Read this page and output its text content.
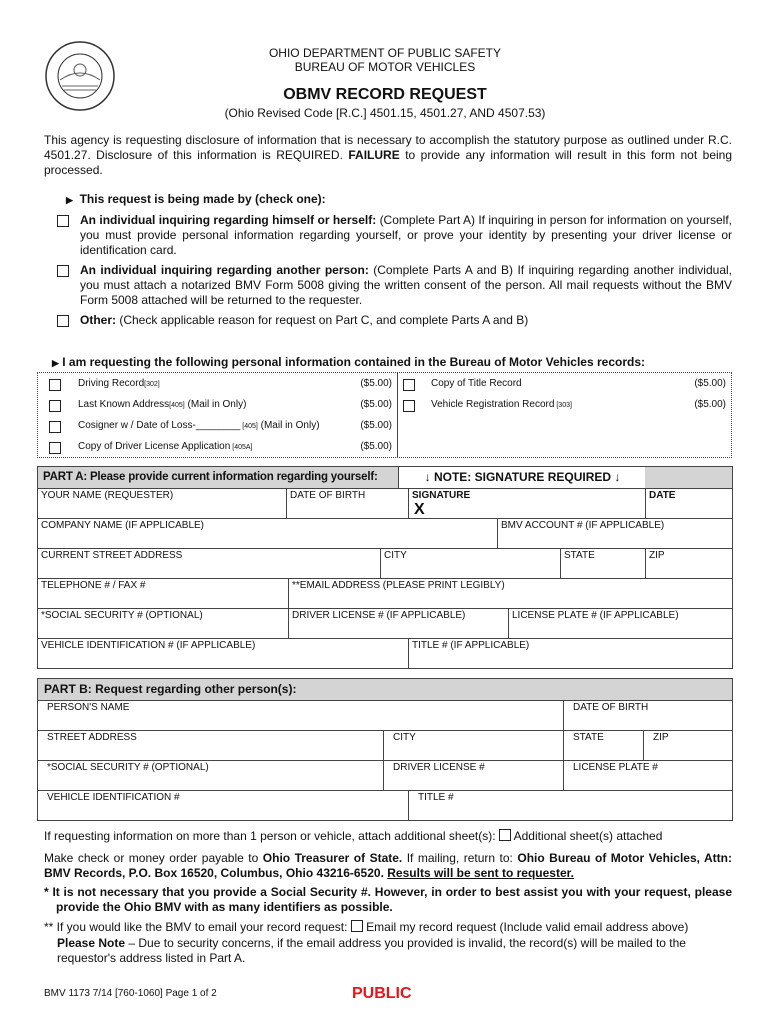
OHIO DEPARTMENT OF PUBLIC SAFETY
BUREAU OF MOTOR VEHICLES
OBMV RECORD REQUEST
(Ohio Revised Code [R.C.] 4501.15, 4501.27, AND 4507.53)
This agency is requesting disclosure of information that is necessary to accomplish the statutory purpose as outlined under R.C. 4501.27. Disclosure of this information is REQUIRED. FAILURE to provide any information will result in this form not being processed.
▶ This request is being made by (check one):
An individual inquiring regarding himself or herself: (Complete Part A) If inquiring in person for information on yourself, you must provide personal information regarding yourself, or prove your identity by presenting your driver license or identification card.
An individual inquiring regarding another person: (Complete Parts A and B) If inquiring regarding another individual, you must attach a notarized BMV Form 5008 giving the written consent of the person. All mail requests without the BMV Form 5008 attached will be returned to the requester.
Other: (Check applicable reason for request on Part C, and complete Parts A and B)
▶ I am requesting the following personal information contained in the Bureau of Motor Vehicles records:
PART A: Please provide current information regarding yourself:	↓ NOTE: SIGNATURE REQUIRED ↓
PART B: Request regarding other person(s):
If requesting information on more than 1 person or vehicle, attach additional sheet(s): Additional sheet(s) attached
Make check or money order payable to Ohio Treasurer of State. If mailing, return to: Ohio Bureau of Motor Vehicles, Attn: BMV Records, P.O. Box 16520, Columbus, Ohio 43216-6520. Results will be sent to requester.
* It is not necessary that you provide a Social Security #. However, in order to best assist you with your request, please provide the Ohio BMV with as many identifiers as possible.
** If you would like the BMV to email your record request: Email my record request (Include valid email address above)
Please Note – Due to security concerns, if the email address you provided is invalid, the record(s) will be mailed to the requestor's address listed in Part A.
BMV 1173 7/14 [760-1060] Page 1 of 2	PUBLIC
Driving Record[302]	($5.00)
Last Known Address[405] (Mail in Only)	($5.00)
Cosigner w / Date of Loss-________ [405] (Mail in Only)	($5.00)
Copy of Driver License Application [405A]	($5.00)
Copy of Title Record	($5.00)
Vehicle Registration Record [303]	($5.00)
YOUR NAME (REQUESTER)	DATE OF BIRTH	SIGNATURE	DATE
COMPANY NAME (IF APPLICABLE)	BMV ACCOUNT # (IF APPLICABLE)
CURRENT STREET ADDRESS	CITY	STATE	ZIP
TELEPHONE # / FAX #	**EMAIL ADDRESS (PLEASE PRINT LEGIBLY)
*SOCIAL SECURITY # (OPTIONAL)	DRIVER LICENSE # (IF APPLICABLE)	LICENSE PLATE # (IF APPLICABLE)
VEHICLE IDENTIFICATION # (IF APPLICABLE)	TITLE # (IF APPLICABLE)
PERSON'S NAME	DATE OF BIRTH
STREET ADDRESS	CITY	STATE	ZIP
*SOCIAL SECURITY # (OPTIONAL)	DRIVER LICENSE #	LICENSE PLATE #
VEHICLE IDENTIFICATION #	TITLE #
X
